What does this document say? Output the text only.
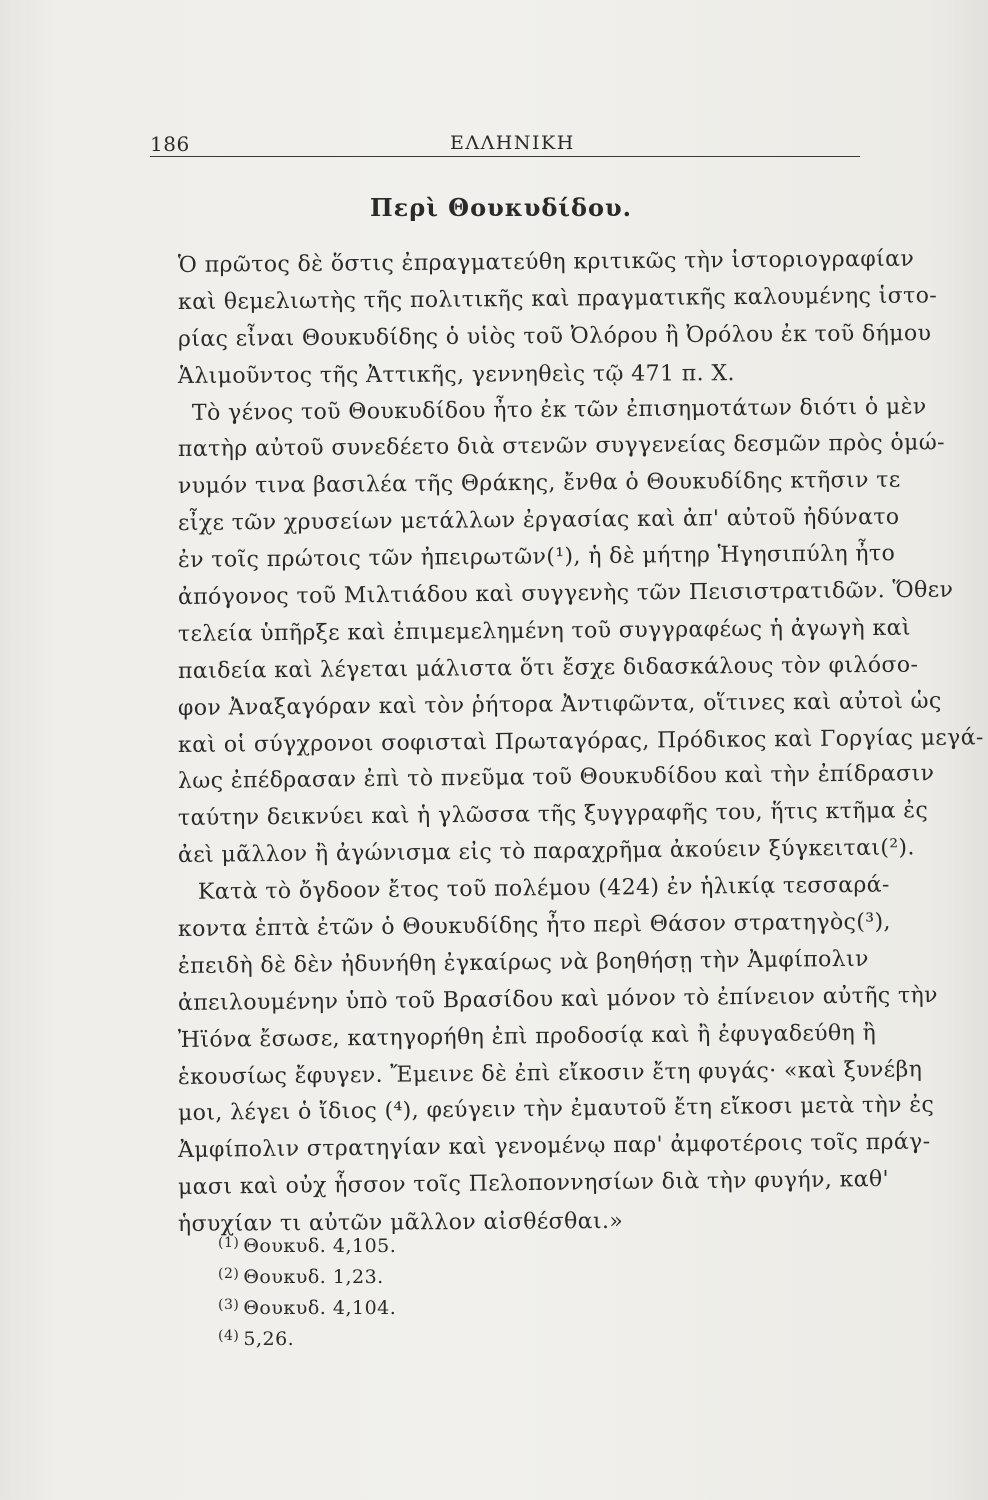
186	ΕΛΛΗΝΙΚΗ
Περὶ Θουκυδίδου.
Ὁ πρῶτος δὲ ὅστις ἐπραγματεύθη κριτικῶς τὴν ἱστοριογραφίαν
καὶ θεμελιωτὴς τῆς πολιτικῆς καὶ πραγματικῆς καλουμένης ἱστο-
ρίας εἶναι Θουκυδίδης ὁ υἱὸς τοῦ Ὀλόρου ἢ Ὀρόλου ἐκ τοῦ δήμου
Ἁλιμοῦντος τῆς Ἀττικῆς, γεννηθεὶς τῷ 471 π. Χ.
Τὸ γένος τοῦ Θουκυδίδου ἦτο ἐκ τῶν ἐπισημοτάτων διότι ὁ μὲν
πατὴρ αὐτοῦ συνεδέετο διὰ στενῶν συγγενείας δεσμῶν πρὸς ὁμώ-
νυμόν τινα βασιλέα τῆς Θράκης, ἔνθα ὁ Θουκυδίδης κτῆσιν τε
εἶχε τῶν χρυσείων μετάλλων ἐργασίας καὶ ἀπ' αὐτοῦ ἠδύνατο
ἐν τοῖς πρώτοις τῶν ἠπειρωτῶν(¹), ἡ δὲ μήτηρ Ἡγησιπύλη ἦτο
ἀπόγονος τοῦ Μιλτιάδου καὶ συγγενὴς τῶν Πεισιστρατιδῶν. Ὅθεν
τελεία ὑπῆρξε καὶ ἐπιμεμελημένη τοῦ συγγραφέως ἡ ἀγωγὴ καὶ
παιδεία καὶ λέγεται μάλιστα ὅτι ἔσχε διδασκάλους τὸν φιλόσο-
φον Ἀναξαγόραν καὶ τὸν ῥήτορα Ἀντιφῶντα, οἵτινες καὶ αὐτοὶ ὡς
καὶ οἱ σύγχρονοι σοφισταὶ Πρωταγόρας, Πρόδικος καὶ Γοργίας μεγά-
λως ἐπέδρασαν ἐπὶ τὸ πνεῦμα τοῦ Θουκυδίδου καὶ τὴν ἐπίδρασιν
ταύτην δεικνύει καὶ ἡ γλῶσσα τῆς ξυγγραφῆς του, ἥτις κτῆμα ἐς
ἀεὶ μᾶλλον ἢ ἀγώνισμα εἰς τὸ παραχρῆμα ἀκούειν ξύγκειται(²).
Κατὰ τὸ ὄγδοον ἔτος τοῦ πολέμου (424) ἐν ἡλικίᾳ τεσσαρά-
κοντα ἑπτὰ ἐτῶν ὁ Θουκυδίδης ἦτο περὶ Θάσον στρατηγὸς(³),
ἐπειδὴ δὲ δὲν ἠδυνήθη ἐγκαίρως νὰ βοηθήσῃ τὴν Ἀμφίπολιν
ἀπειλουμένην ὑπὸ τοῦ Βρασίδου καὶ μόνον τὸ ἐπίνειον αὐτῆς τὴν
Ἠϊόνα ἔσωσε, κατηγορήθη ἐπὶ προδοσίᾳ καὶ ἢ ἐφυγαδεύθη ἢ
ἑκουσίως ἔφυγεν. Ἔμεινε δὲ ἐπὶ εἴκοσιν ἔτη φυγάς· «καὶ ξυνέβη
μοι, λέγει ὁ ἴδιος (⁴), φεύγειν τὴν ἐμαυτοῦ ἔτη εἴκοσι μετὰ τὴν ἐς
Ἀμφίπολιν στρατηγίαν καὶ γενομένῳ παρ' ἀμφοτέροις τοῖς πράγ-
μασι καὶ οὐχ ἧσσον τοῖς Πελοποννησίων διὰ τὴν φυγήν, καθ'
ἡσυχίαν τι αὐτῶν μᾶλλον αἰσθέσθαι.»
$^{(1)}$ Θουκυδ. 4,105.
$^{(2)}$ Θουκυδ. 1,23.
$^{(3)}$ Θουκυδ. 4,104.
$^{(4)}$ 5,26.
